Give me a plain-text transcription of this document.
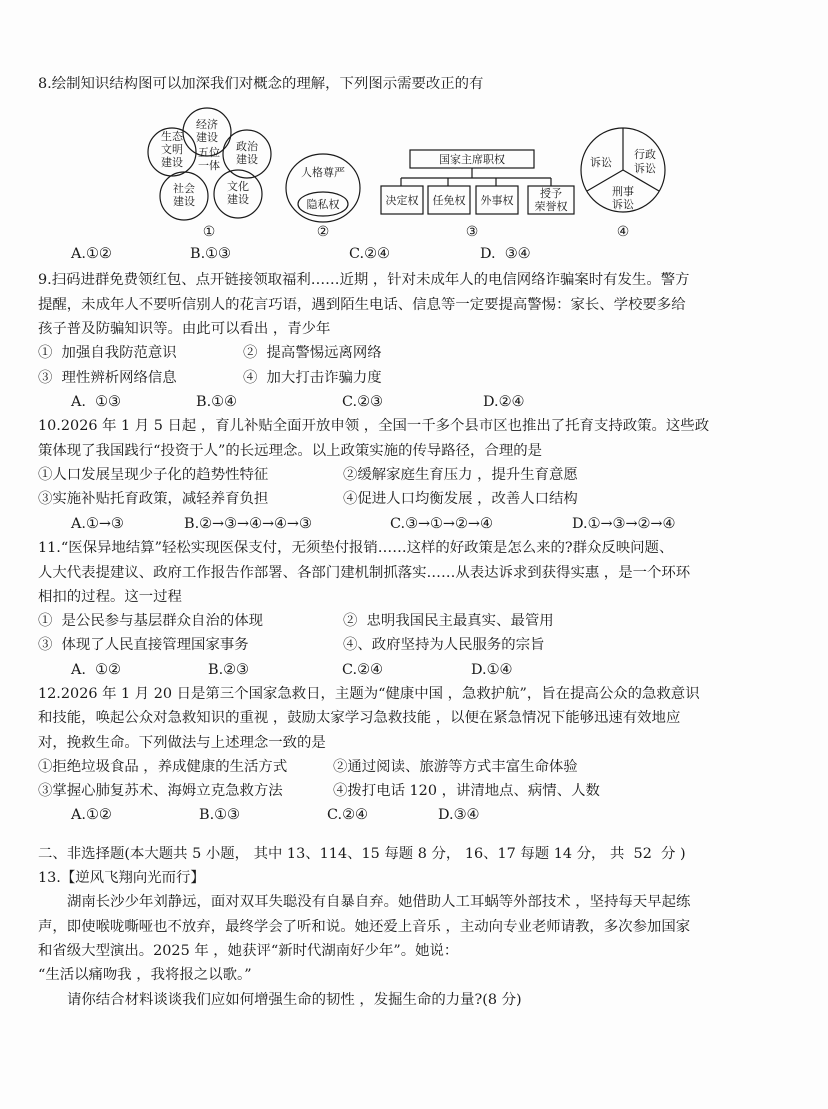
8.绘制知识结构图可以加深我们对概念的理解，下列图示需要改正的有
五位
一体
经济
建设
政治
建设
文化
建设
社会
建设
生态
文明
建设
①
人格尊严
隐私权
②
国家主席职权
决定权 任免权 外事权
授予
荣誉权
③
诉讼
行政
诉讼
刑事
诉讼
④
A.①②	B.①③	C.②④	D.  ③④
9.扫码进群免费领红包、点开链接领取福利……近期 ，针对未成年人的电信网络诈骗案时有发生。警方
提醒，未成年人不要听信别人的花言巧语，遇到陌生电话、信息等一定要提高警惕：家长、学校要多给
孩子普及防骗知识等。由此可以看出 ，青少年
①  加强自我防范意识	②  提高警惕远离网络
③  理性辨析网络信息	④  加大打击诈骗力度
A.  ①③	B.①④	C.②③	D.②④
10.2026 年 1 月 5 日起 ，育儿补贴全面开放申领 ，全国一千多个县市区也推出了托育支持政策。这些政
策体现了我国践行“投资于人”的长远理念。以上政策实施的传导路径，合理的是
①人口发展呈现少子化的趋势性特征	②缓解家庭生育压力 ，提升生育意愿
③实施补贴托育政策，减轻养育负担	④促进人口均衡发展 ，改善人口结构
A.①→③	B.②→③→④→④→③	C.③→①→②→④	D.①→③→②→④
11.“医保异地结算”轻松实现医保支付，无须垫付报销……这样的好政策是怎么来的?群众反映问题、
人大代表提建议、政府工作报告作部署、各部门建机制抓落实……从表达诉求到获得实惠 ，是一个环环
相扣的过程。这一过程
①  是公民参与基层群众自治的体现	②  忠明我国民主最真实、最管用
③  体现了人民直接管理国家事务	④、政府坚持为人民服务的宗旨
A.  ①②	B.②③	C.②④	D.①④
12.2026 年 1 月 20 日是第三个国家急救日，主题为“健康中国 ，急救护航”，旨在提高公众的急救意识
和技能，唤起公众对急救知识的重视 ，鼓励太家学习急救技能 ，以便在紧急情况下能够迅速有效地应
对，挽救生命。下列做法与上述理念一致的是
①拒绝垃圾食品 ，养成健康的生活方式	②通过阅读、旅游等方式丰富生命体验
③掌握心肺复苏术、海姆立克急救方法	④拨打电话 120 ，讲清地点、病情、人数
A.①②	B.①③	C.②④	D.③④
二、非选择题(本大题共 5 小题， 其中 13、114、15 每题 8 分， 16、17 每题 14 分， 共  52  分 )
13.【逆风飞翔向光而行】
湖南长沙少年刘静远，面对双耳失聪没有自暴自弃。她借助人工耳蜗等外部技术 ，坚持每天早起练
声，即使喉咙嘶哑也不放弃，最终学会了听和说。她还爱上音乐 ，主动向专业老师请教，多次参加国家
和省级大型演出。2025 年 ，她获评“新时代湖南好少年”。她说：
“生活以痛吻我 ，我将报之以歌。”
请你结合材料谈谈我们应如何增强生命的韧性 ，发掘生命的力量?(8 分)
